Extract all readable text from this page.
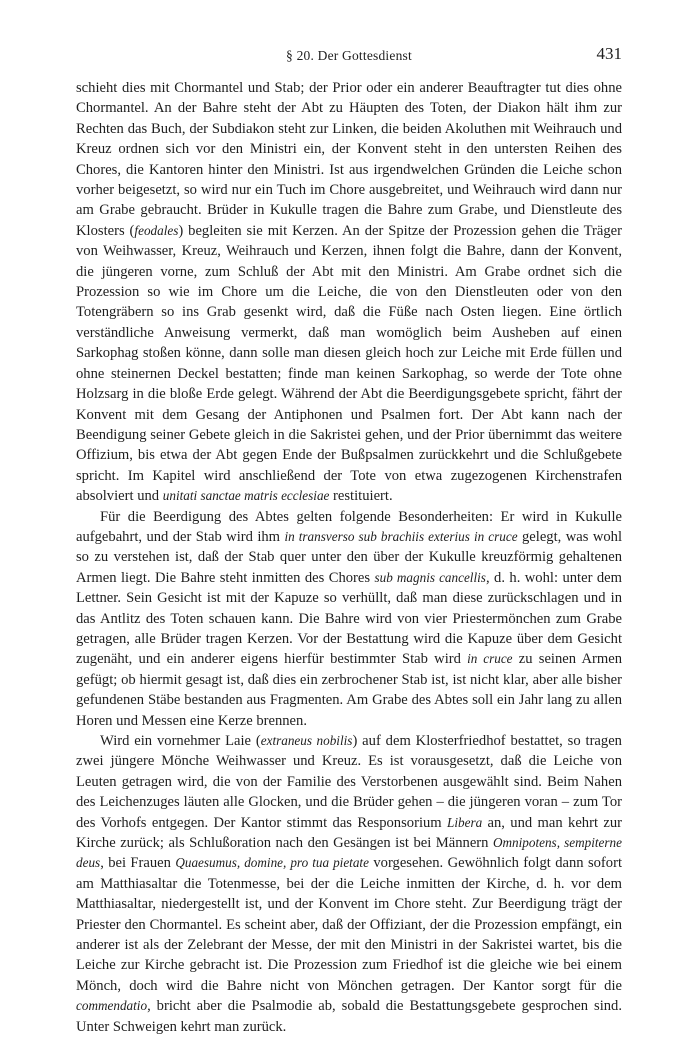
§ 20. Der Gottesdienst	431

schieht dies mit Chormantel und Stab; der Prior oder ein anderer Beauftragter tut dies ohne Chormantel. An der Bahre steht der Abt zu Häupten des Toten, der Diakon hält ihm zur Rechten das Buch, der Subdiakon steht zur Linken, die beiden Akoluthen mit Weihrauch und Kreuz ordnen sich vor den Ministri ein, der Konvent steht in den untersten Reihen des Chores, die Kantoren hinter den Ministri. Ist aus irgendwelchen Gründen die Leiche schon vorher beigesetzt, so wird nur ein Tuch im Chore ausgebreitet, und Weihrauch wird dann nur am Grabe gebraucht. Brüder in Kukulle tragen die Bahre zum Grabe, und Dienstleute des Klosters (feodales) begleiten sie mit Kerzen. An der Spitze der Prozession gehen die Träger von Weihwasser, Kreuz, Weihrauch und Kerzen, ihnen folgt die Bahre, dann der Konvent, die jüngeren vorne, zum Schluß der Abt mit den Ministri. Am Grabe ordnet sich die Prozession so wie im Chore um die Leiche, die von den Dienstleuten oder von den Totengräbern so ins Grab gesenkt wird, daß die Füße nach Osten liegen. Eine örtlich verständliche Anweisung vermerkt, daß man womöglich beim Ausheben auf einen Sarkophag stoßen könne, dann solle man diesen gleich hoch zur Leiche mit Erde füllen und ohne steinernen Deckel bestatten; finde man keinen Sarkophag, so werde der Tote ohne Holzsarg in die bloße Erde gelegt. Während der Abt die Beerdigungsgebete spricht, fährt der Konvent mit dem Gesang der Antiphonen und Psalmen fort. Der Abt kann nach der Beendigung seiner Gebete gleich in die Sakristei gehen, und der Prior übernimmt das weitere Offizium, bis etwa der Abt gegen Ende der Bußpsalmen zurückkehrt und die Schlußgebete spricht. Im Kapitel wird anschließend der Tote von etwa zugezogenen Kirchenstrafen absolviert und unitati sanctae matris ecclesiae restituiert.

Für die Beerdigung des Abtes gelten folgende Besonderheiten: Er wird in Kukulle aufgebahrt, und der Stab wird ihm in transverso sub brachiis exterius in cruce gelegt, was wohl so zu verstehen ist, daß der Stab quer unter den über der Kukulle kreuzförmig gehaltenen Armen liegt. Die Bahre steht inmitten des Chores sub magnis cancellis, d. h. wohl: unter dem Lettner. Sein Gesicht ist mit der Kapuze so verhüllt, daß man diese zurückschlagen und in das Antlitz des Toten schauen kann. Die Bahre wird von vier Priestermönchen zum Grabe getragen, alle Brüder tragen Kerzen. Vor der Bestattung wird die Kapuze über dem Gesicht zugenäht, und ein anderer eigens hierfür bestimmter Stab wird in cruce zu seinen Armen gefügt; ob hiermit gesagt ist, daß dies ein zerbrochener Stab ist, ist nicht klar, aber alle bisher gefundenen Stäbe bestanden aus Fragmenten. Am Grabe des Abtes soll ein Jahr lang zu allen Horen und Messen eine Kerze brennen.

Wird ein vornehmer Laie (extraneus nobilis) auf dem Klosterfriedhof bestattet, so tragen zwei jüngere Mönche Weihwasser und Kreuz. Es ist vorausgesetzt, daß die Leiche von Leuten getragen wird, die von der Familie des Verstorbenen ausgewählt sind. Beim Nahen des Leichenzuges läuten alle Glocken, und die Brüder gehen – die jüngeren voran – zum Tor des Vorhofs entgegen. Der Kantor stimmt das Responsorium Libera an, und man kehrt zur Kirche zurück; als Schlußoration nach den Gesängen ist bei Männern Omnipotens, sempiterne deus, bei Frauen Quaesumus, domine, pro tua pietate vorgesehen. Gewöhnlich folgt dann sofort am Matthiasaltar die Totenmesse, bei der die Leiche inmitten der Kirche, d. h. vor dem Matthiasaltar, niedergestellt ist, und der Konvent im Chore steht. Zur Beerdigung trägt der Priester den Chormantel. Es scheint aber, daß der Offiziant, der die Prozession empfängt, ein anderer ist als der Zelebrant der Messe, der mit den Ministri in der Sakristei wartet, bis die Leiche zur Kirche gebracht ist. Die Prozession zum Friedhof ist die gleiche wie bei einem Mönch, doch wird die Bahre nicht von Mönchen getragen. Der Kantor sorgt für die commendatio, bricht aber die Psalmodie ab, sobald die Bestattungsgebete gesprochen sind. Unter Schweigen kehrt man zurück.
